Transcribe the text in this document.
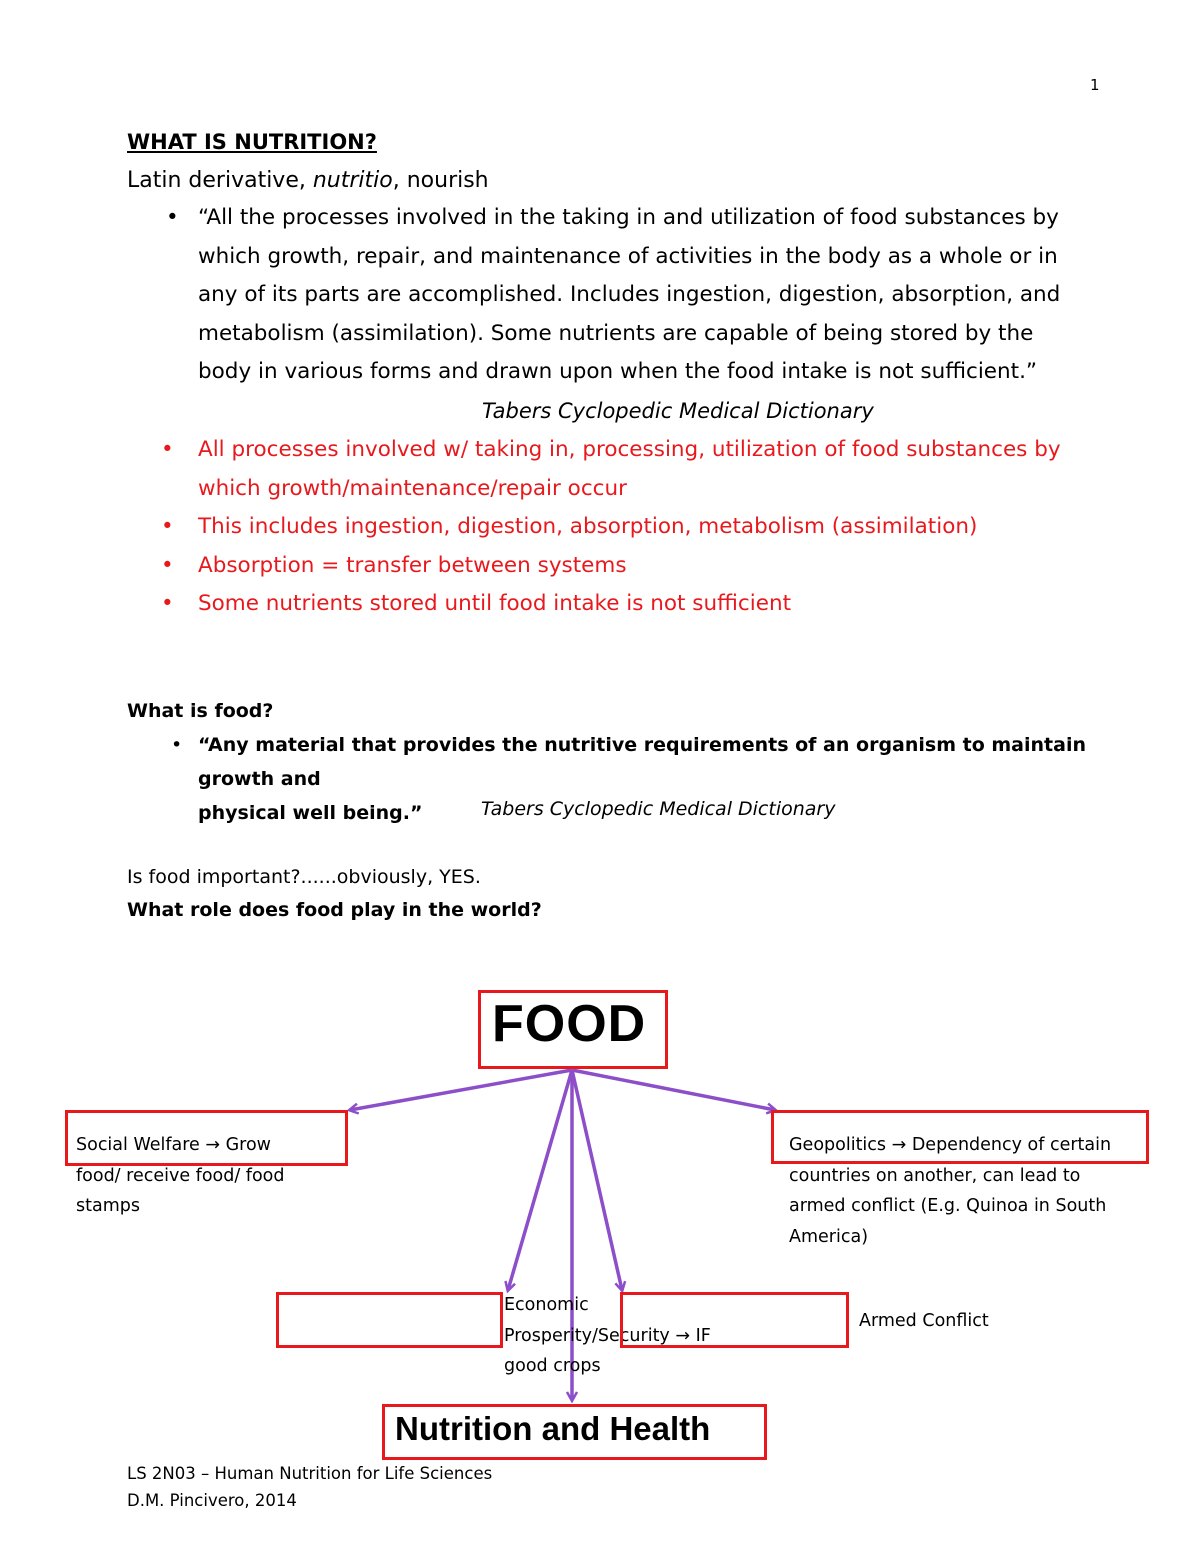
1
WHAT IS NUTRITION?
Latin derivative, nutritio, nourish
• “All the processes involved in the taking in and utilization of food substances by
which growth, repair, and maintenance of activities in the body as a whole or in
any of its parts are accomplished. Includes ingestion, digestion, absorption, and
metabolism (assimilation). Some nutrients are capable of being stored by the
body in various forms and drawn upon when the food intake is not sufficient.”
Tabers Cyclopedic Medical Dictionary
• All processes involved w/ taking in, processing, utilization of food substances by
which growth/maintenance/repair occur
• This includes ingestion, digestion, absorption, metabolism (assimilation)
• Absorption = transfer between systems
• Some nutrients stored until food intake is not sufficient
What is food?
• “Any material that provides the nutritive requirements of an organism to maintain growth and
physical well being.”	Tabers Cyclopedic Medical Dictionary
Is food important?......obviously, YES.
What role does food play in the world?
FOOD
Social Welfare → Grow
food/ receive food/ food
stamps
Geopolitics → Dependency of certain
countries on another, can lead to
armed conflict (E.g. Quinoa in South
America)
Economic
Prosperity/Security → IF
good crops
Armed Conflict
Nutrition and Health
LS 2N03 – Human Nutrition for Life Sciences
D.M. Pincivero, 2014
